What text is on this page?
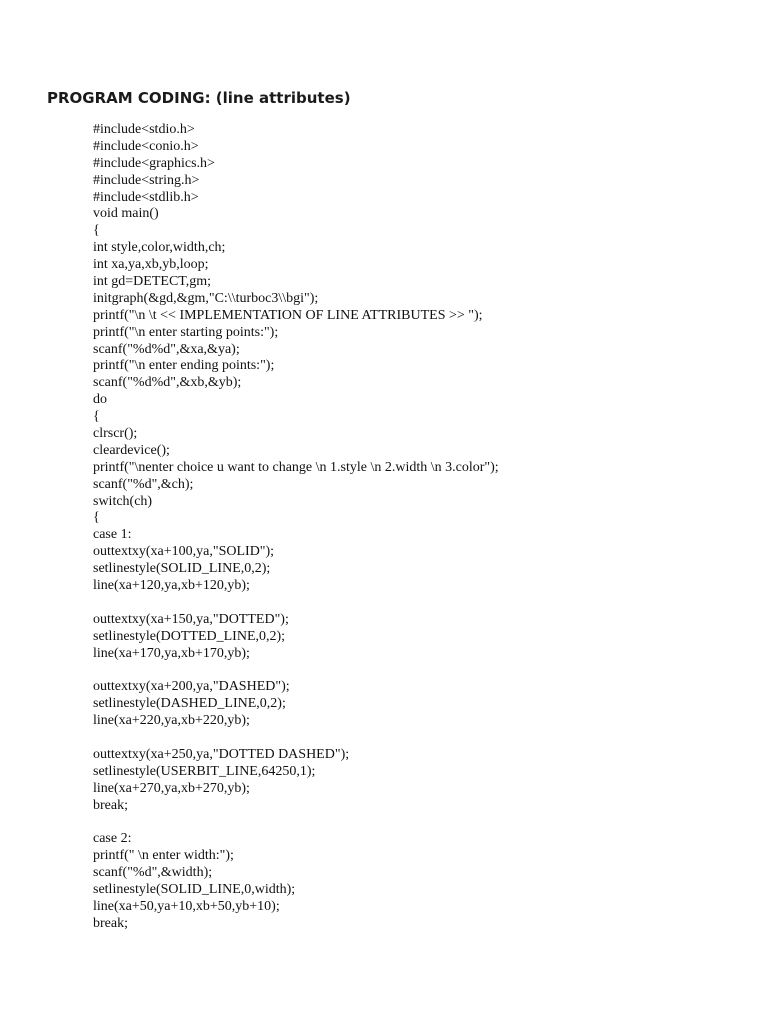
PROGRAM CODING: (line attributes)
#include<stdio.h>
#include<conio.h>
#include<graphics.h>
#include<string.h>
#include<stdlib.h>
void main()
{
int style,color,width,ch;
int xa,ya,xb,yb,loop;
int gd=DETECT,gm;
initgraph(&gd,&gm,"C:\\turboc3\\bgi");
printf("\n \t << IMPLEMENTATION OF LINE ATTRIBUTES >> ");
printf("\n enter starting points:");
scanf("%d%d",&xa,&ya);
printf("\n enter ending points:");
scanf("%d%d",&xb,&yb);
do
{
clrscr();
cleardevice();
printf("\nenter choice u want to change \n 1.style \n 2.width \n 3.color");
scanf("%d",&ch);
switch(ch)
{
case 1:
outtextxy(xa+100,ya,"SOLID");
setlinestyle(SOLID_LINE,0,2);
line(xa+120,ya,xb+120,yb);
outtextxy(xa+150,ya,"DOTTED");
setlinestyle(DOTTED_LINE,0,2);
line(xa+170,ya,xb+170,yb);
outtextxy(xa+200,ya,"DASHED");
setlinestyle(DASHED_LINE,0,2);
line(xa+220,ya,xb+220,yb);
outtextxy(xa+250,ya,"DOTTED DASHED");
setlinestyle(USERBIT_LINE,64250,1);
line(xa+270,ya,xb+270,yb);
break;
case 2:
printf(" \n enter width:");
scanf("%d",&width);
setlinestyle(SOLID_LINE,0,width);
line(xa+50,ya+10,xb+50,yb+10);
break;
